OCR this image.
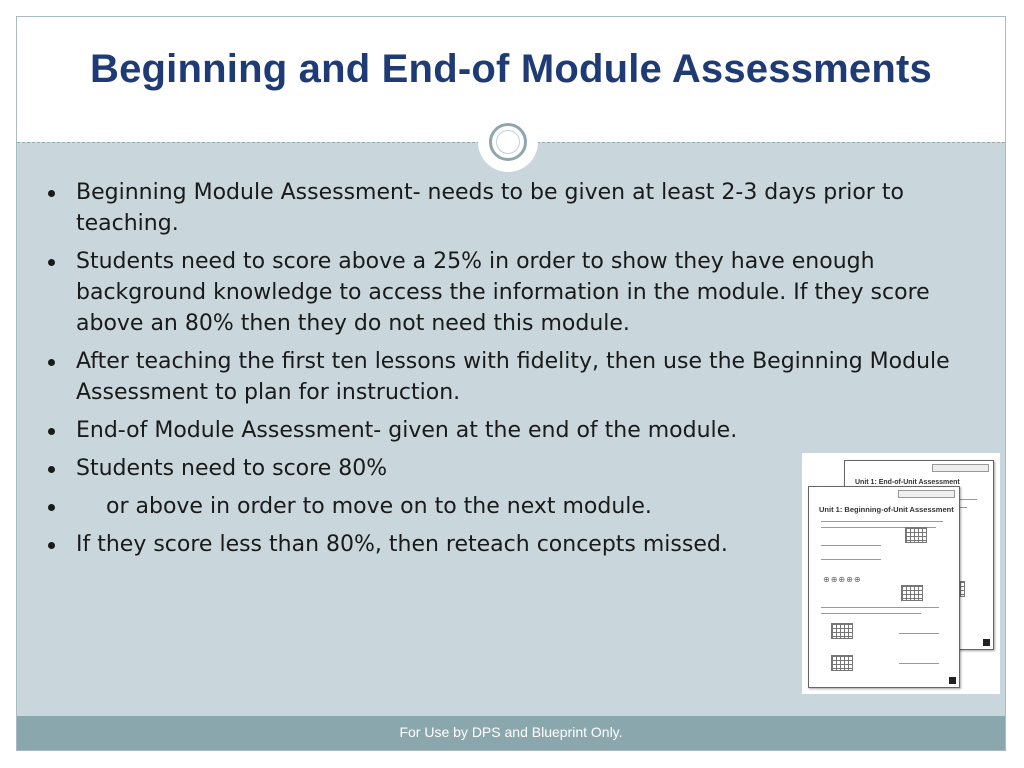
Beginning and End-of Module Assessments
Beginning Module Assessment- needs to be given at least 2-3 days prior to teaching.
Students need to score above a 25% in order to show they have enough background knowledge to access the information in the module. If they score above an 80% then they do not need this module.
After teaching the first ten lessons with fidelity, then use the Beginning Module Assessment to plan for instruction.
End-of Module Assessment- given at the end of the module.
Students need to score 80%
or above in order to move on to the next module.
If they score less than 80%, then reteach concepts missed.
Unit 1: End-of-Unit Assessment
Unit 1: Beginning-of-Unit Assessment
⊕⊕⊕⊕⊕
For Use by DPS and Blueprint Only.
